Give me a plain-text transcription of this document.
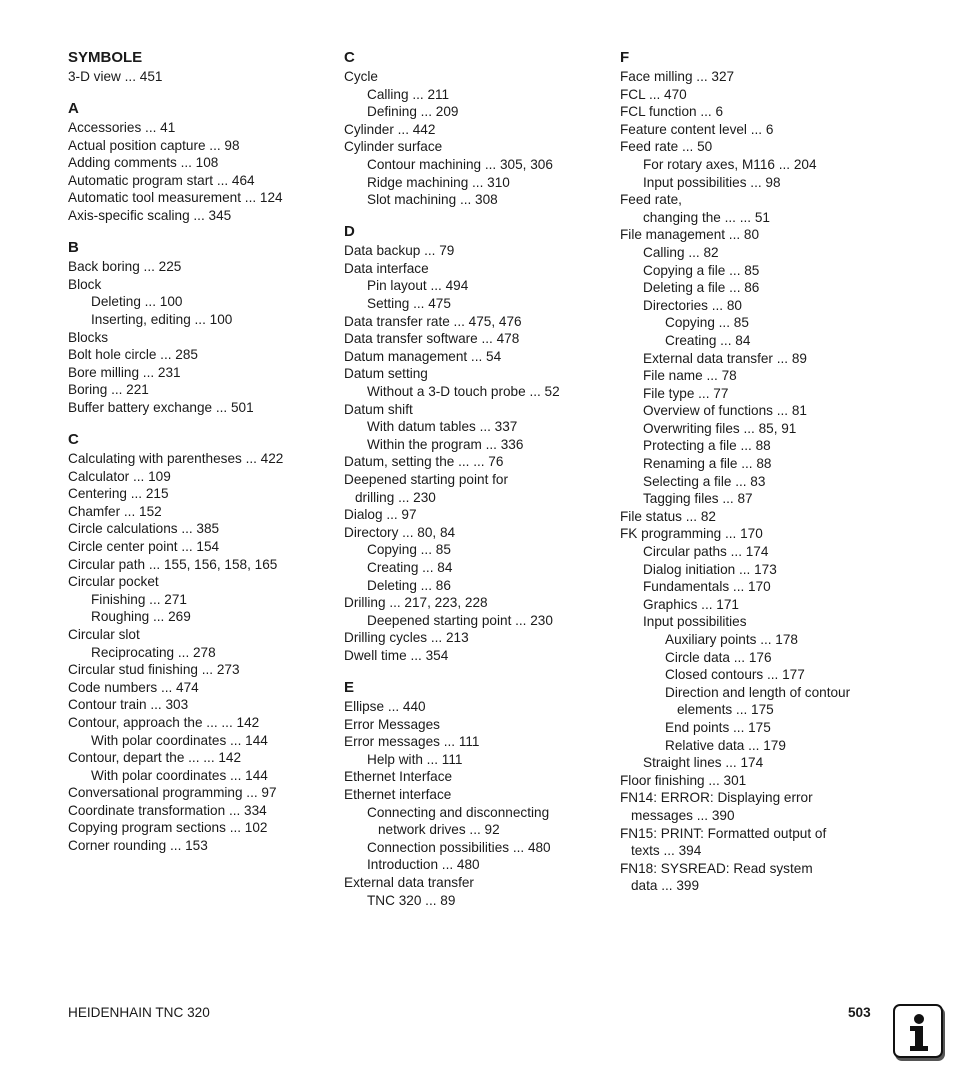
SYMBOLE
3-D view ... 451
A
Accessories ... 41
Actual position capture ... 98
Adding comments ... 108
Automatic program start ... 464
Automatic tool measurement ... 124
Axis-specific scaling ... 345
B
Back boring ... 225
Block
Deleting ... 100
Inserting, editing ... 100
Blocks
Bolt hole circle ... 285
Bore milling ... 231
Boring ... 221
Buffer battery exchange ... 501
C
Calculating with parentheses ... 422
Calculator ... 109
Centering ... 215
Chamfer ... 152
Circle calculations ... 385
Circle center point ... 154
Circular path ... 155, 156, 158, 165
Circular pocket
Finishing ... 271
Roughing ... 269
Circular slot
Reciprocating ... 278
Circular stud finishing ... 273
Code numbers ... 474
Contour train ... 303
Contour, approach the ... ... 142
With polar coordinates ... 144
Contour, depart the ... ... 142
With polar coordinates ... 144
Conversational programming ... 97
Coordinate transformation ... 334
Copying program sections ... 102
Corner rounding ... 153
C
Cycle
Calling ... 211
Defining ... 209
Cylinder ... 442
Cylinder surface
Contour machining ... 305, 306
Ridge machining ... 310
Slot machining ... 308
D
Data backup ... 79
Data interface
Pin layout ... 494
Setting ... 475
Data transfer rate ... 475, 476
Data transfer software ... 478
Datum management ... 54
Datum setting
Without a 3-D touch probe ... 52
Datum shift
With datum tables ... 337
Within the program ... 336
Datum, setting the ... ... 76
Deepened starting point for
drilling ... 230
Dialog ... 97
Directory ... 80, 84
Copying ... 85
Creating ... 84
Deleting ... 86
Drilling ... 217, 223, 228
Deepened starting point ... 230
Drilling cycles ... 213
Dwell time ... 354
E
Ellipse ... 440
Error Messages
Error messages ... 111
Help with ... 111
Ethernet Interface
Ethernet interface
Connecting and disconnecting
network drives ... 92
Connection possibilities ... 480
Introduction ... 480
External data transfer
TNC 320 ... 89
F
Face milling ... 327
FCL ... 470
FCL function ... 6
Feature content level ... 6
Feed rate ... 50
For rotary axes, M116 ... 204
Input possibilities ... 98
Feed rate,
changing the ... ... 51
File management ... 80
Calling ... 82
Copying a file ... 85
Deleting a file ... 86
Directories ... 80
Copying ... 85
Creating ... 84
External data transfer ... 89
File name ... 78
File type ... 77
Overview of functions ... 81
Overwriting files ... 85, 91
Protecting a file ... 88
Renaming a file ... 88
Selecting a file ... 83
Tagging files ... 87
File status ... 82
FK programming ... 170
Circular paths ... 174
Dialog initiation ... 173
Fundamentals ... 170
Graphics ... 171
Input possibilities
Auxiliary points ... 178
Circle data ... 176
Closed contours ... 177
Direction and length of contour
elements ... 175
End points ... 175
Relative data ... 179
Straight lines ... 174
Floor finishing ... 301
FN14: ERROR: Displaying error
messages ... 390
FN15: PRINT: Formatted output of
texts ... 394
FN18: SYSREAD: Read system
data ... 399
HEIDENHAIN TNC 320	503
